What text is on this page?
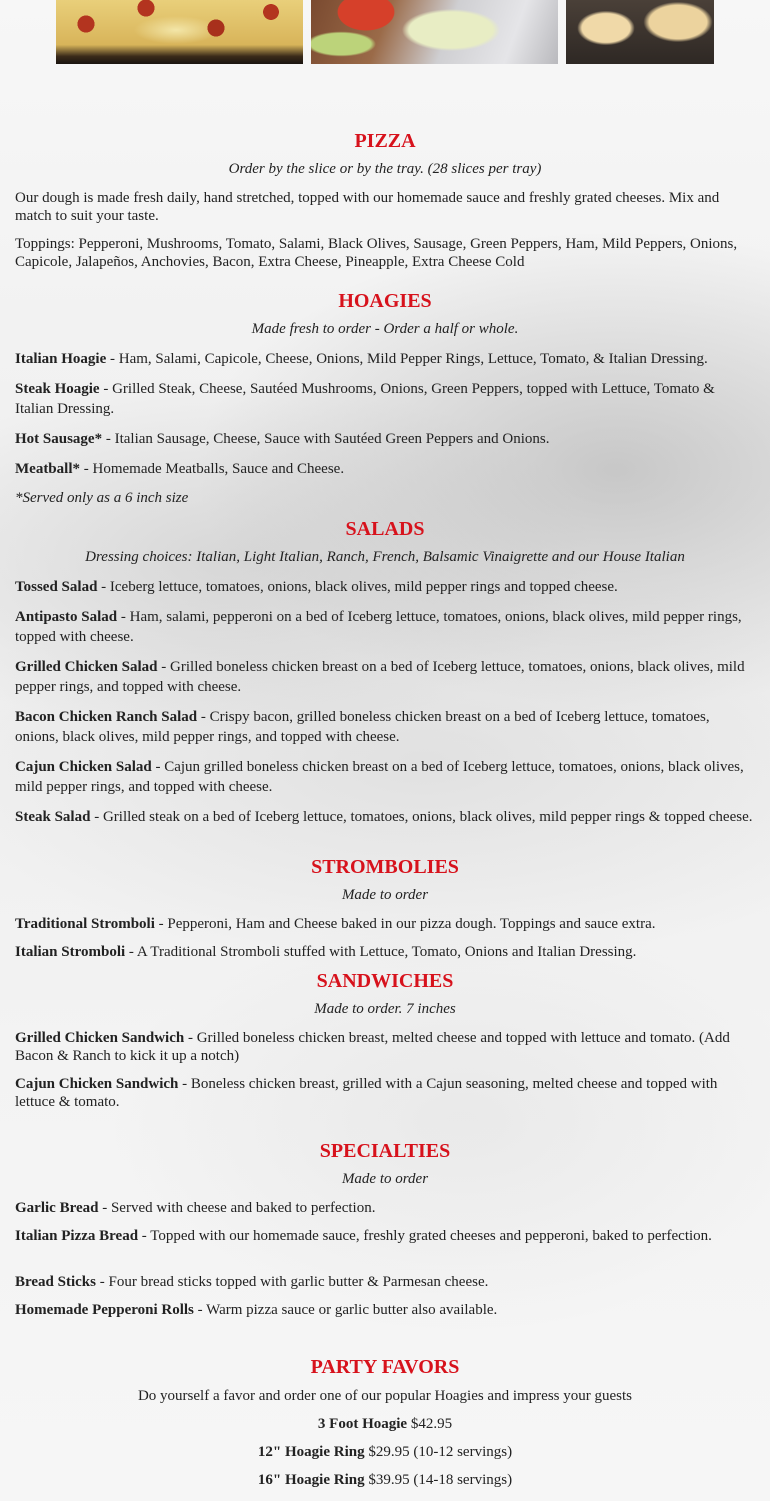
PIZZA
Order by the slice or by the tray. (28 slices per tray)
Our dough is made fresh daily, hand stretched, topped with our homemade sauce and freshly grated cheeses. Mix and match to suit your taste.
Toppings: Pepperoni, Mushrooms, Tomato, Salami, Black Olives, Sausage, Green Peppers, Ham, Mild Peppers, Onions, Capicole, Jalapeños, Anchovies, Bacon, Extra Cheese, Pineapple, Extra Cheese Cold
HOAGIES
Made fresh to order - Order a half or whole.
Italian Hoagie - Ham, Salami, Capicole, Cheese, Onions, Mild Pepper Rings, Lettuce, Tomato, & Italian Dressing.
Steak Hoagie - Grilled Steak, Cheese, Sautéed Mushrooms, Onions, Green Peppers, topped with Lettuce, Tomato & Italian Dressing.
Hot Sausage* - Italian Sausage, Cheese, Sauce with Sautéed Green Peppers and Onions.
Meatball* - Homemade Meatballs, Sauce and Cheese.
*Served only as a 6 inch size
SALADS
Dressing choices: Italian, Light Italian, Ranch, French, Balsamic Vinaigrette and our House Italian
Tossed Salad - Iceberg lettuce, tomatoes, onions, black olives, mild pepper rings and topped cheese.
Antipasto Salad - Ham, salami, pepperoni on a bed of Iceberg lettuce, tomatoes, onions, black olives, mild pepper rings, topped with cheese.
Grilled Chicken Salad - Grilled boneless chicken breast on a bed of Iceberg lettuce, tomatoes, onions, black olives, mild pepper rings, and topped with cheese.
Bacon Chicken Ranch Salad - Crispy bacon, grilled boneless chicken breast on a bed of Iceberg lettuce, tomatoes, onions, black olives, mild pepper rings, and topped with cheese.
Cajun Chicken Salad - Cajun grilled boneless chicken breast on a bed of Iceberg lettuce, tomatoes, onions, black olives, mild pepper rings, and topped with cheese.
Steak Salad - Grilled steak on a bed of Iceberg lettuce, tomatoes, onions, black olives, mild pepper rings & topped cheese.
STROMBOLIES
Made to order
Traditional Stromboli - Pepperoni, Ham and Cheese baked in our pizza dough. Toppings and sauce extra.
Italian Stromboli - A Traditional Stromboli stuffed with Lettuce, Tomato, Onions and Italian Dressing.
SANDWICHES
Made to order. 7 inches
Grilled Chicken Sandwich - Grilled boneless chicken breast, melted cheese and topped with lettuce and tomato. (Add Bacon & Ranch to kick it up a notch)
Cajun Chicken Sandwich - Boneless chicken breast, grilled with a Cajun seasoning, melted cheese and topped with lettuce & tomato.
SPECIALTIES
Made to order
Garlic Bread - Served with cheese and baked to perfection.
Italian Pizza Bread - Topped with our homemade sauce, freshly grated cheeses and pepperoni, baked to perfection.
Bread Sticks - Four bread sticks topped with garlic butter & Parmesan cheese.
Homemade Pepperoni Rolls - Warm pizza sauce or garlic butter also available.
PARTY FAVORS
Do yourself a favor and order one of our popular Hoagies and impress your guests
3 Foot Hoagie $42.95
12" Hoagie Ring $29.95 (10-12 servings)
16" Hoagie Ring $39.95 (14-18 servings)
